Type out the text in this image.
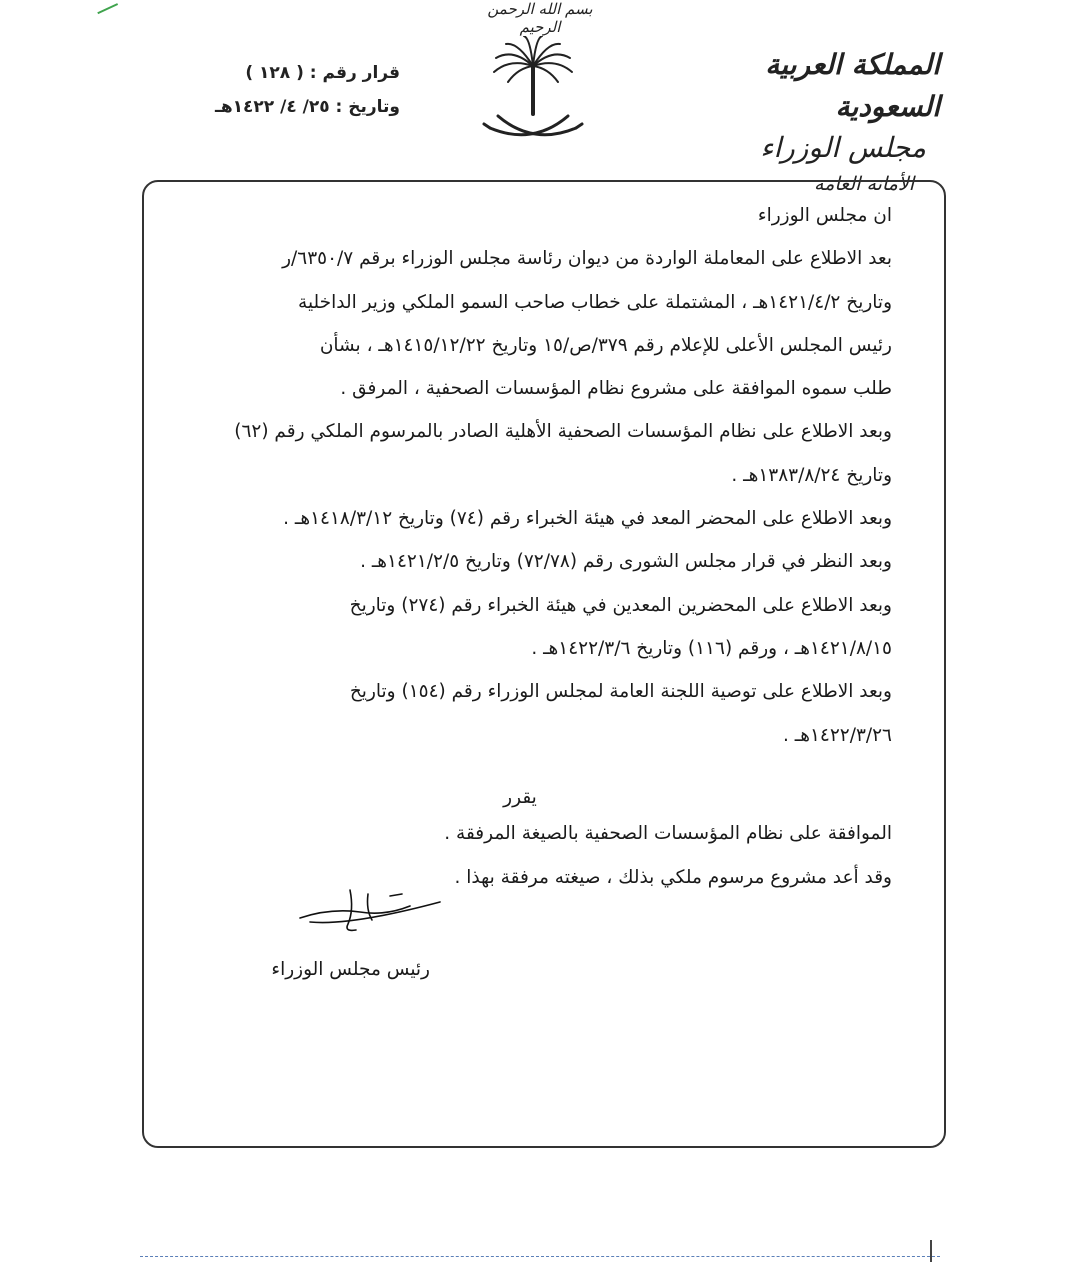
بسم الله الرحمن الرحيم
قرار رقم : ( ١٢٨ )
وتاريخ : ٢٥/ ٤/ ١٤٢٢هـ
المملكة العربية السعودية
مجلس الوزراء
الأمانة العامة
ان مجلس الوزراء
بعد الاطلاع على المعاملة الواردة من ديوان رئاسة مجلس الوزراء برقم ٦٣٥٠/٧/ر
وتاريخ ١٤٢١/٤/٢هـ ، المشتملة على خطاب صاحب السمو الملكي وزير الداخلية
رئيس المجلس الأعلى للإعلام رقم ٣٧٩/ص/١٥ وتاريخ ١٤١٥/١٢/٢٢هـ ، بشأن
طلب سموه الموافقة على مشروع نظام المؤسسات الصحفية ، المرفق .
وبعد الاطلاع على نظام المؤسسات الصحفية الأهلية الصادر بالمرسوم الملكي رقم (٦٢)
وتاريخ ١٣٨٣/٨/٢٤هـ .
وبعد الاطلاع على المحضر المعد في هيئة الخبراء رقم (٧٤) وتاريخ ١٤١٨/٣/١٢هـ .
وبعد النظر في قرار مجلس الشورى رقم (٧٢/٧٨) وتاريخ ١٤٢١/٢/٥هـ .
وبعد الاطلاع على المحضرين المعدين في هيئة الخبراء رقم (٢٧٤) وتاريخ
١٤٢١/٨/١٥هـ ، ورقم (١١٦) وتاريخ ١٤٢٢/٣/٦هـ .
وبعد الاطلاع على توصية اللجنة العامة لمجلس الوزراء رقم (١٥٤) وتاريخ
١٤٢٢/٣/٢٦هـ .
يقرر
الموافقة على نظام المؤسسات الصحفية بالصيغة المرفقة .
وقد أعد مشروع مرسوم ملكي بذلك ، صيغته مرفقة بهذا .
رئيس مجلس الوزراء
